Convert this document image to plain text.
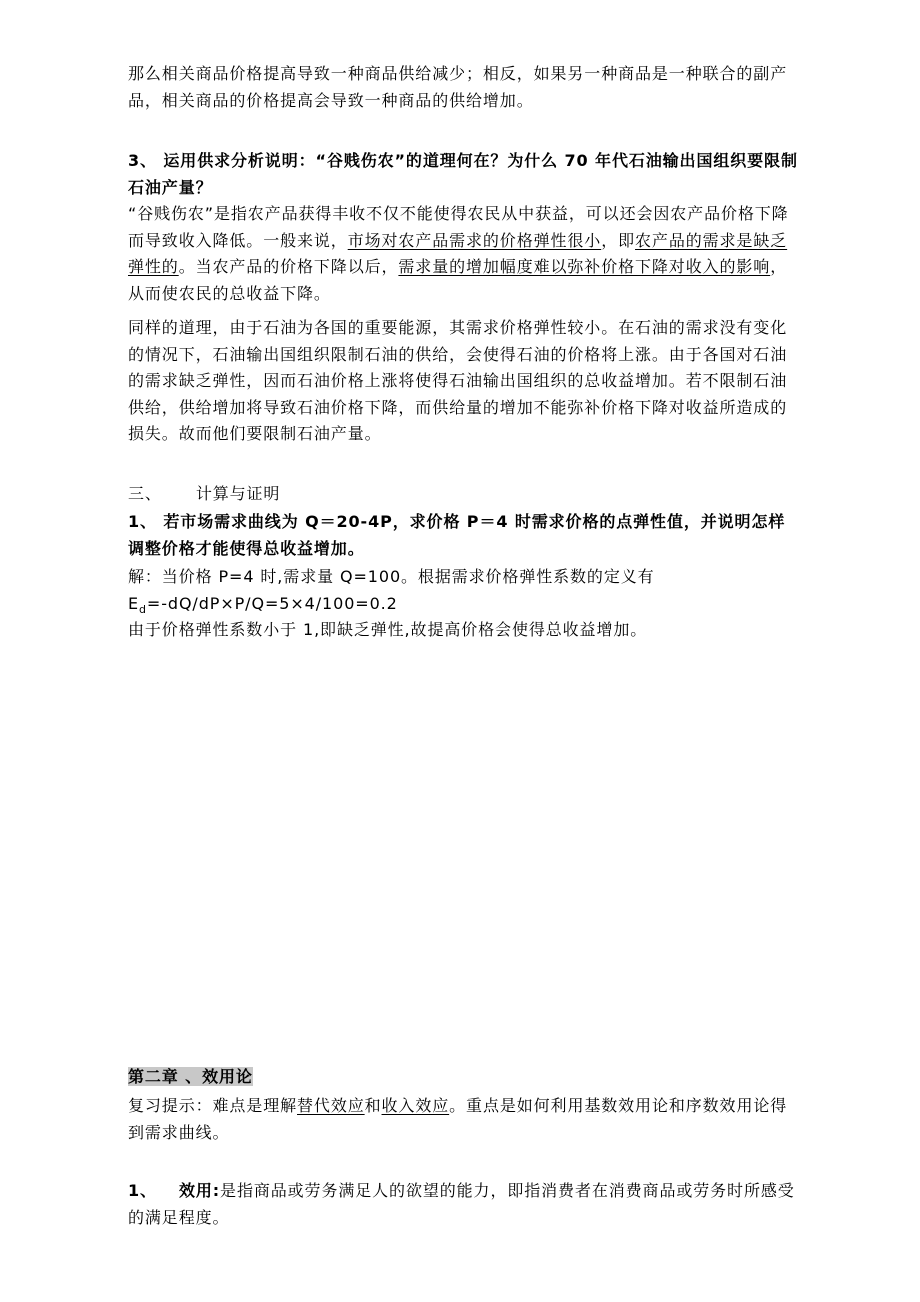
那么相关商品价格提高导致一种商品供给减少；相反，如果另一种商品是一种联合的副产品，相关商品的价格提高会导致一种商品的供给增加。

3、 运用供求分析说明：“谷贱伤农”的道理何在？为什么 70 年代石油输出国组织要限制石油产量？

“谷贱伤农”是指农产品获得丰收不仅不能使得农民从中获益，可以还会因农产品价格下降而导致收入降低。一般来说，市场对农产品需求的价格弹性很小，即农产品的需求是缺乏弹性的。当农产品的价格下降以后，需求量的增加幅度难以弥补价格下降对收入的影响，从而使农民的总收益下降。

同样的道理，由于石油为各国的重要能源，其需求价格弹性较小。在石油的需求没有变化的情况下，石油输出国组织限制石油的供给，会使得石油的价格将上涨。由于各国对石油的需求缺乏弹性，因而石油价格上涨将使得石油输出国组织的总收益增加。若不限制石油供给，供给增加将导致石油价格下降，而供给量的增加不能弥补价格下降对收益所造成的损失。故而他们要限制石油产量。

三、 计算与证明

1、 若市场需求曲线为 Q＝20-4P，求价格 P＝4 时需求价格的点弹性值，并说明怎样调整价格才能使得总收益增加。

解：当价格 P=4 时,需求量 Q=100。根据需求价格弹性系数的定义有

$E_d=-dQ/dP\times P/Q=5\times 4/100=0.2$

由于价格弹性系数小于 1,即缺乏弹性,故提高价格会使得总收益增加。

第二章 、效用论

复习提示：难点是理解替代效应和收入效应。重点是如何利用基数效用论和序数效用论得到需求曲线。

1、 效用:是指商品或劳务满足人的欲望的能力，即指消费者在消费商品或劳务时所感受的满足程度。
